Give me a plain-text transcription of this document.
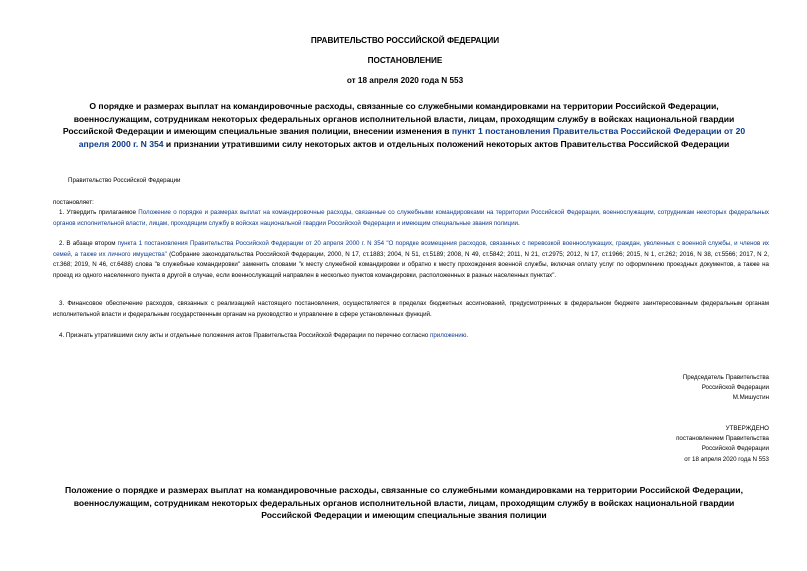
ПРАВИТЕЛЬСТВО РОССИЙСКОЙ ФЕДЕРАЦИИ
ПОСТАНОВЛЕНИЕ
от 18 апреля 2020 года N 553
О порядке и размерах выплат на командировочные расходы, связанные со служебными командировками на территории Российской Федерации, военнослужащим, сотрудникам некоторых федеральных органов исполнительной власти, лицам, проходящим службу в войсках национальной гвардии Российской Федерации и имеющим специальные звания полиции, внесении изменения в пункт 1 постановления Правительства Российской Федерации от 20 апреля 2000 г. N 354 и признании утратившими силу некоторых актов и отдельных положений некоторых актов Правительства Российской Федерации
Правительство Российской Федерации
постановляет:
1. Утвердить прилагаемое Положение о порядке и размерах выплат на командировочные расходы, связанные со служебными командировками на территории Российской Федерации, военнослужащим, сотрудникам некоторых федеральных органов исполнительной власти, лицам, проходящим службу в войсках национальной гвардии Российской Федерации и имеющим специальные звания полиции.
2. В абзаце втором пункта 1 постановления Правительства Российской Федерации от 20 апреля 2000 г. N 354 "О порядке возмещения расходов, связанных с перевозкой военнослужащих, граждан, уволенных с военной службы, и членов их семей, а также их личного имущества" (Собрание законодательства Российской Федерации, 2000, N 17, ст.1883; 2004, N 51, ст.5189; 2008, N 49, ст.5842; 2011, N 21, ст.2975; 2012, N 17, ст.1966; 2015, N 1, ст.262; 2016, N 38, ст.5566; 2017, N 2, ст.368; 2019, N 46, ст.6488) слова "в служебные командировки" заменить словами "к месту служебной командировки и обратно к месту прохождения военной службы, включая оплату услуг по оформлению проездных документов, а также на проезд из одного населенного пункта в другой в случае, если военнослужащий направлен в несколько пунктов командировки, расположенных в разных населенных пунктах".
3. Финансовое обеспечение расходов, связанных с реализацией настоящего постановления, осуществляется в пределах бюджетных ассигнований, предусмотренных в федеральном бюджете заинтересованным федеральным органам исполнительной власти и федеральным государственным органам на руководство и управление в сфере установленных функций.
4. Признать утратившими силу акты и отдельные положения актов Правительства Российской Федерации по перечню согласно приложению.
Председатель Правительства
Российской Федерации
М.Мишустин
УТВЕРЖДЕНО
постановлением Правительства
Российской Федерации
от 18 апреля 2020 года N 553
Положение о порядке и размерах выплат на командировочные расходы, связанные со служебными командировками на территории Российской Федерации, военнослужащим, сотрудникам некоторых федеральных органов исполнительной власти, лицам, проходящим службу в войсках национальной гвардии Российской Федерации и имеющим специальные звания полиции
